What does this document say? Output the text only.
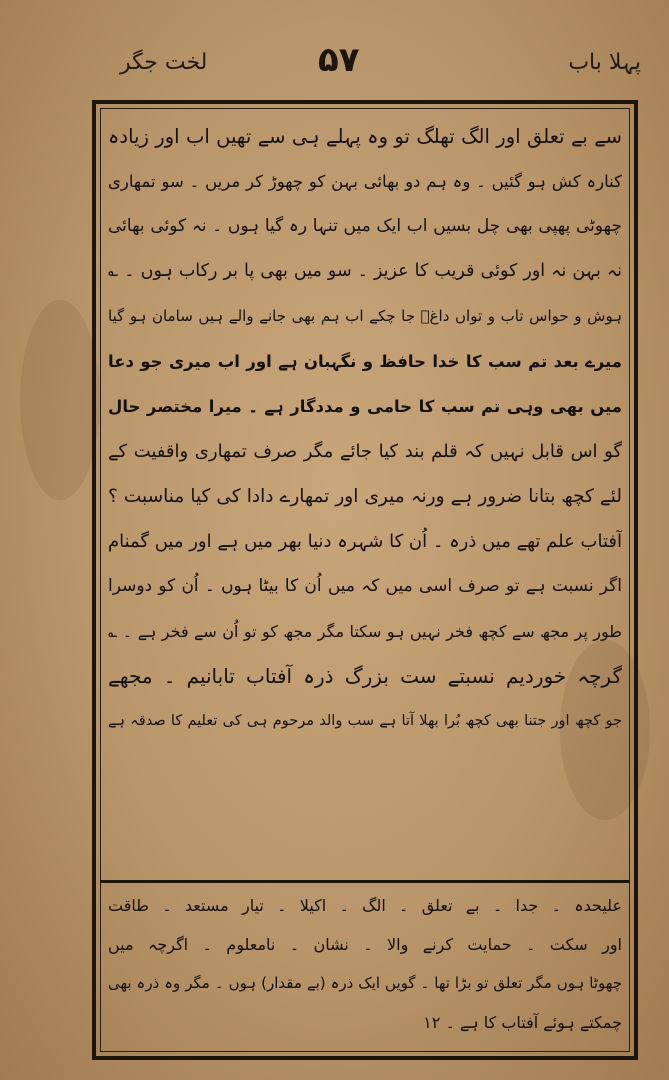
پہلا باب
۵۷
لخت جگر
سے بے تعلق اور الگ تھلگ تو وہ پہلے ہی سے تھیں اب اور زیادہ
کنارہ کش ہو گئیں ۔ وہ ہم دو بھائی بہن کو چھوڑ کر مریں ۔ سو تمھاری
چھوٹی پھپی بھی چل بسیں اب ایک میں تنہا رہ گیا ہوں ۔ نہ کوئی بھائی
نہ بہن نہ اور کوئی قریب کا عزیز ۔ سو میں بھی پا بر رکاب ہوں ۔ ؎
ہوش و حواس تاب و تواں داغؔ جا چکے اب ہم بھی جانے والے ہیں سامان ہو گیا
میرے بعد تم سب کا خدا حافظ و نگہبان ہے اور اب میری جو دعا
میں بھی وہی تم سب کا حامی و مددگار ہے ۔ میرا مختصر حال
گو اس قابل نہیں کہ قلم بند کیا جائے مگر صرف تمھاری واقفیت کے
لئے کچھ بتانا ضرور ہے ورنہ میری اور تمھارے دادا کی کیا مناسبت ؟
آفتاب علم تھے میں ذرہ ۔ اُن کا شہرہ دنیا بھر میں ہے اور میں گمنام
اگر نسبت ہے تو صرف اسی میں کہ میں اُن کا بیٹا ہوں ۔ اُن کو دوسرا
طور پر مجھ سے کچھ فخر نہیں ہو سکتا مگر مجھ کو تو اُن سے فخر ہے ۔ ؎
گرچہ خوردیم نسبتے ست بزرگ ذرہ آفتاب تابانیم ۔ مجھے
جو کچھ اور جتنا بھی کچھ بُرا بھلا آتا ہے سب والد مرحوم ہی کی تعلیم کا صدقہ ہے
علیحدہ ۔ جدا ۔ بے تعلق ۔ الگ ۔ اکیلا ۔ تیار مستعد ۔ طاقت
اور سکت ۔ حمایت کرنے والا ۔ نشان ۔ نامعلوم ۔ اگرچہ میں
چھوٹا ہوں مگر تعلق تو بڑا تھا ۔ گویں ایک ذرہ (بے مقدار) ہوں ۔ مگر وہ ذرہ بھی
چمکتے ہوئے آفتاب کا ہے ۔ ۱۲
